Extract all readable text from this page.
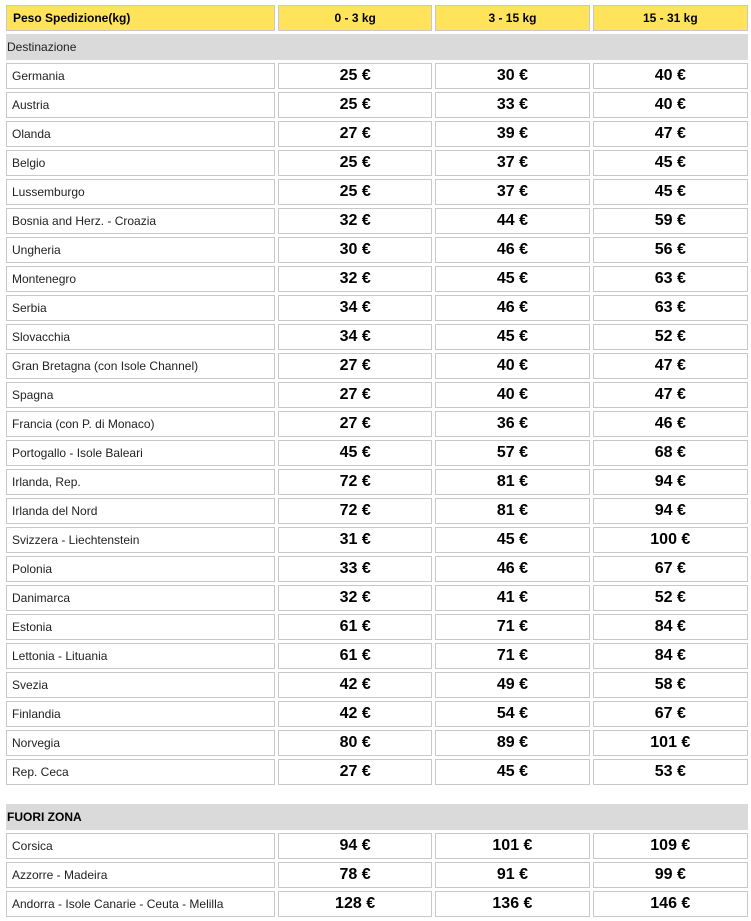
Peso Spedizione(kg)	0 - 3 kg	3 - 15 kg	15 - 31 kg
Destinazione			
Germania	25 €	30 €	40 €
Austria	25 €	33 €	40 €
Olanda	27 €	39 €	47 €
Belgio	25 €	37 €	45 €
Lussemburgo	25 €	37 €	45 €
Bosnia and Herz. - Croazia	32 €	44 €	59 €
Ungheria	30 €	46 €	56 €
Montenegro	32 €	45 €	63 €
Serbia	34 €	46 €	63 €
Slovacchia	34 €	45 €	52 €
Gran Bretagna (con Isole Channel)	27 €	40 €	47 €
Spagna	27 €	40 €	47 €
Francia (con P. di Monaco)	27 €	36 €	46 €
Portogallo - Isole Baleari	45 €	57 €	68 €
Irlanda, Rep.	72 €	81 €	94 €
Irlanda del Nord	72 €	81 €	94 €
Svizzera - Liechtenstein	31 €	45 €	100 €
Polonia	33 €	46 €	67 €
Danimarca	32 €	41 €	52 €
Estonia	61 €	71 €	84 €
Lettonia - Lituania	61 €	71 €	84 €
Svezia	42 €	49 €	58 €
Finlandia	42 €	54 €	67 €
Norvegia	80 €	89 €	101 €
Rep. Ceca	27 €	45 €	53 €
FUORI ZONA			
Corsica	94 €	101 €	109 €
Azzorre - Madeira	78 €	91 €	99 €
Andorra - Isole Canarie - Ceuta - Melilla	128 €	136 €	146 €
